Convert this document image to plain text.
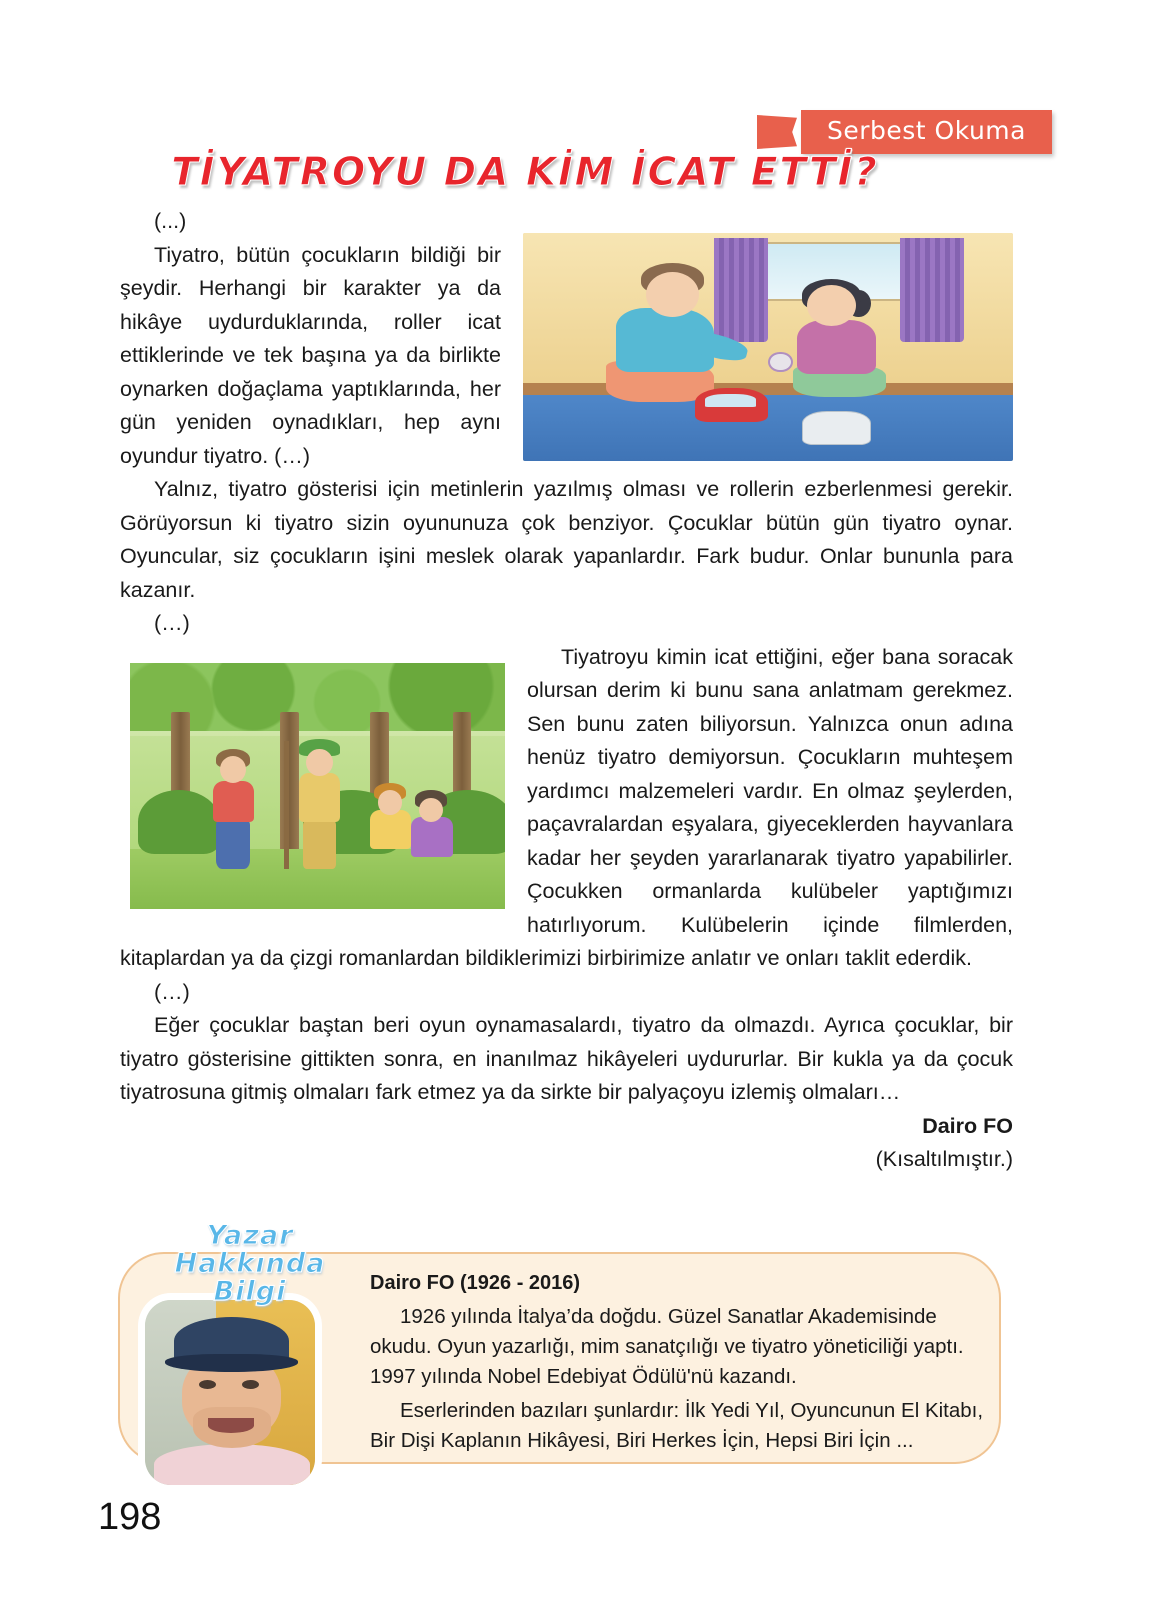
Serbest Okuma
TİYATROYU DA KİM İCAT ETTİ?

(...)

Tiyatro, bütün çocukların bildiği bir şeydir. Herhangi bir karakter ya da hikâye uydurduklarında, roller icat ettiklerinde ve tek başına ya da birlikte oynarken doğaçlama yaptıklarında, her gün yeniden oynadıkları, hep aynı oyundur tiyatro. (…)

Yalnız, tiyatro gösterisi için metinlerin yazılmış olması ve rollerin ezberlenmesi gerekir. Görüyorsun ki tiyatro sizin oyununuza çok benziyor. Çocuklar bütün gün tiyatro oynar. Oyuncular, siz çocukların işini meslek olarak yapanlardır. Fark budur. Onlar bununla para kazanır.

(…)

Tiyatroyu kimin icat ettiğini, eğer bana soracak olursan derim ki bunu sana anlatmam gerekmez. Sen bunu zaten biliyorsun. Yalnızca onun adına henüz tiyatro demiyorsun. Çocukların muhteşem yardımcı malzemeleri vardır. En olmaz şeylerden, paçavralardan eşyalara, giyeceklerden hayvanlara kadar her şeyden yararlanarak tiyatro yapabilirler. Çocukken ormanlarda kulübeler yaptığımızı hatırlıyorum. Kulübelerin içinde filmlerden, kitaplardan ya da çizgi romanlardan bildiklerimizi birbirimize anlatır ve onları taklit ederdik.

(…)

Eğer çocuklar baştan beri oyun oynamasalardı, tiyatro da olmazdı. Ayrıca çocuklar, bir tiyatro gösterisine gittikten sonra, en inanılmaz hikâyeleri uydururlar. Bir kukla ya da çocuk tiyatrosuna gitmiş olmaları fark etmez ya da sirkte bir palyaçoyu izlemiş olmaları…

Dairo FO

(Kısaltılmıştır.)

Dairo FO (1926 - 2016)

1926 yılında İtalya’da doğdu. Güzel Sanatlar Akademisinde okudu. Oyun yazarlığı, mim sanatçılığı ve tiyatro yöneticiliği yaptı. 1997 yılında Nobel Edebiyat Ödülü'nü kazandı.

Eserlerinden bazıları şunlardır: İlk Yedi Yıl, Oyuncunun El Kitabı, Bir Dişi Kaplanın Hikâyesi, Biri Herkes İçin, Hepsi Biri İçin ...

Yazar
Hakkında Bilgi
198
